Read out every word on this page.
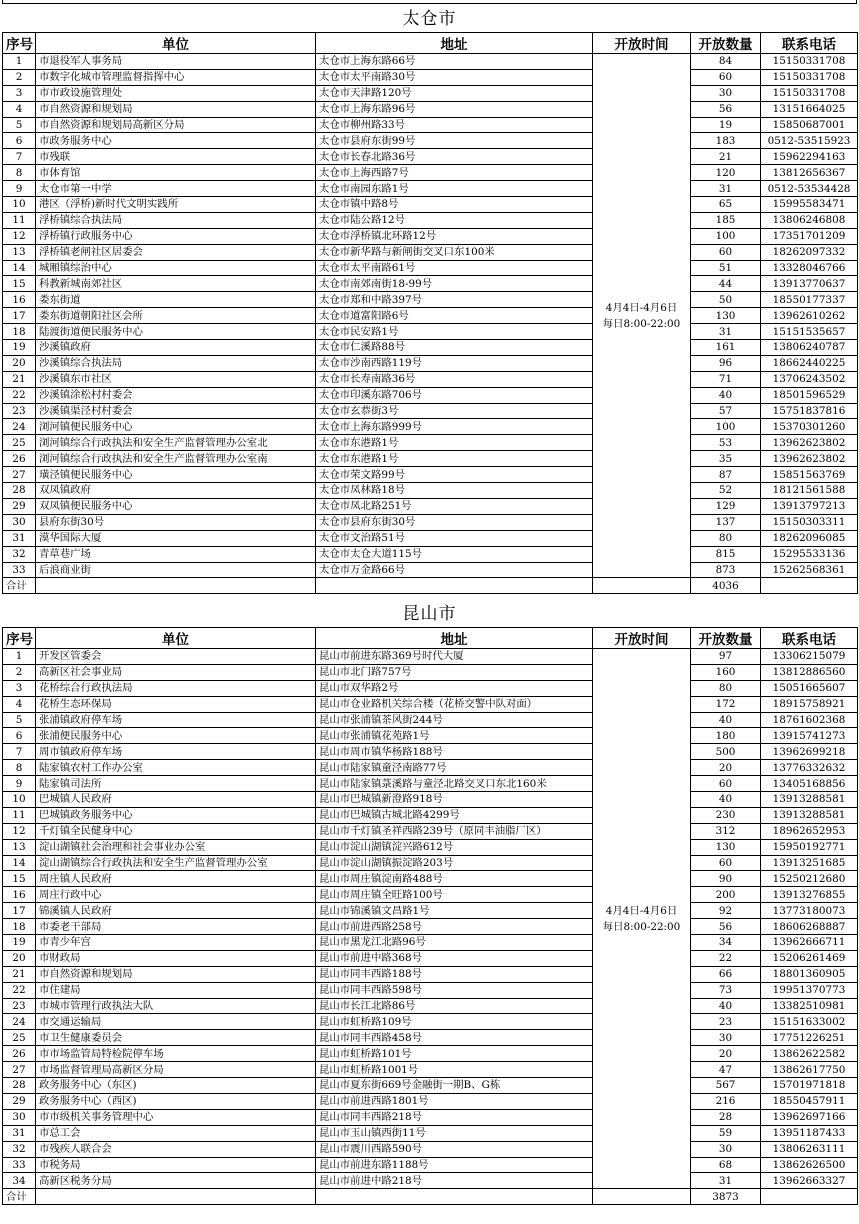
太仓市
序号	单位	地址	开放时间	开放数量	联系电话
1	市退役军人事务局	太仓市上海东路66号	4月4日-4月6日
每日8:00-22:00	84	15150331708
2	市数字化城市管理监督指挥中心	太仓市太平南路30号		60	15150331708
3	市市政设施管理处	太仓市天津路120号		30	15150331708
4	市自然资源和规划局	太仓市上海东路96号		56	13151664025
5	市自然资源和规划局高新区分局	太仓市柳州路33号		19	15850687001
6	市政务服务中心	太仓市县府东街99号		183	0512-53515923
7	市残联	太仓市长春北路36号		21	15962294163
8	市体育馆	太仓市上海西路7号		120	13812656367
9	太仓市第一中学	太仓市南园东路1号		31	0512-53534428
10	港区（浮桥)新时代文明实践所	太仓市镇中路8号		65	15995583471
11	浮桥镇综合执法局	太仓市陆公路12号		185	13806246808
12	浮桥镇行政服务中心	太仓市浮桥镇北环路12号		100	17351701209
13	浮桥镇老闸社区居委会	太仓市新华路与新闸街交叉口东100米		60	18262097332
14	城厢镇综治中心	太仓市太平南路61号		51	13328046766
15	科教新城南郊社区	太仓市南郊南街18-99号		44	13913770637
16	娄东街道	太仓市郑和中路397号		50	18550177337
17	娄东街道朝阳社区会所	太仓市道富阳路6号		130	13962610262
18	陆渡街道便民服务中心	太仓市民安路1号		31	15151535657
19	沙溪镇政府	太仓市仁溪路88号		161	13806240787
20	沙溪镇综合执法局	太仓市沙南西路119号		96	18662440225
21	沙溪镇东市社区	太仓市长寿南路36号		71	13706243502
22	沙溪镇涂松村村委会	太仓市印溪东路706号		40	18501596529
23	沙溪镇渠泾村村委会	太仓市玄恭街3号		57	15751837816
24	浏河镇便民服务中心	太仓市上海东路999号		100	15370301260
25	浏河镇综合行政执法和安全生产监督管理办公室北	太仓市东港路1号		53	13962623802
26	浏河镇综合行政执法和安全生产监督管理办公室南	太仓市东港路1号		35	13962623802
27	璜泾镇便民服务中心	太仓市荣文路99号		87	15851563769
28	双凤镇政府	太仓市凤林路18号		52	18121561588
29	双凤镇便民服务中心	太仓市凤北路251号		129	13913797213
30	县府东街30号	太仓市县府东街30号		137	15150303311
31	漠华国际大厦	太仓市文治路51号		80	18262096085
32	青草巷广场	太仓市太仓大道115号		815	15295533136
33	后浪商业街	太仓市万金路66号		873	15262568361
合计				4036	
昆山市
序号	单位	地址	开放时间	开放数量	联系电话
1	开发区管委会	昆山市前进东路369号时代大厦	4月4日-4月6日
每日8:00-22:00	97	13306215079
2	高新区社会事业局	昆山市北门路757号		160	13812886560
3	花桥综合行政执法局	昆山市双华路2号		80	15051665607
4	花桥生态环保局	昆山市仓业路机关综合楼（花桥交警中队对面）		172	18915758921
5	张浦镇政府停车场	昆山市张浦镇茶风街244号		40	18761602368
6	张浦便民服务中心	昆山市张浦镇花苑路1号		180	13915741273
7	周市镇政府停车场	昆山市周市镇华杨路188号		500	13962699218
8	陆家镇农村工作办公室	昆山市陆家镇童泾南路77号		20	13776332632
9	陆家镇司法所	昆山市陆家镇菉溪路与童泾北路交叉口东北160米		60	13405168856
10	巴城镇人民政府	昆山市巴城镇新澄路918号		40	13913288581
11	巴城镇政务服务中心	昆山市巴城镇古城北路4299号		230	13913288581
12	千灯镇全民健身中心	昆山市千灯镇圣祥西路239号（原同丰油脂厂区）		312	18962652953
13	淀山湖镇社会治理和社会事业办公室	昆山市淀山湖镇淀兴路612号		130	15950192771
14	淀山湖镇综合行政执法和安全生产监督管理办公室	昆山市淀山湖镇振淀路203号		60	13913251685
15	周庄镇人民政府	昆山市周庄镇淀南路488号		90	15250212680
16	周庄行政中心	昆山市周庄镇全旺路100号		200	13913276855
17	锦溪镇人民政府	昆山市锦溪镇文昌路1号		92	13773180073
18	市委老干部局	昆山市前进西路258号		56	18606268887
19	市青少年宫	昆山市黑龙江北路96号		34	13962666711
20	市财政局	昆山市前进中路368号		22	15206261469
21	市自然资源和规划局	昆山市同丰西路188号		66	18801360905
22	市住建局	昆山市同丰西路598号		73	19951370773
23	市城市管理行政执法大队	昆山市长江北路86号		40	13382510981
24	市交通运输局	昆山市虹桥路109号		23	15151633002
25	市卫生健康委员会	昆山市同丰西路458号		30	17751226251
26	市市场监管局特检院停车场	昆山市虹桥路101号		20	13862622582
27	市场监督管理局高新区分局	昆山市虹桥路1001号		47	13862617750
28	政务服务中心（东区)	昆山市夏东街669号金融街一期B、G栋		567	15701971818
29	政务服务中心（西区)	昆山市前进西路1801号		216	18550457911
30	市市级机关事务管理中心	昆山市同丰西路218号		28	13962697166
31	市总工会	昆山市玉山镇西街11号		59	13951187433
32	市残疾人联合会	昆山市震川西路590号		30	13806263111
33	市税务局	昆山市前进东路1188号		68	13862626500
34	高新区税务分局	昆山市前进中路218号		31	13962663327
合计				3873	
